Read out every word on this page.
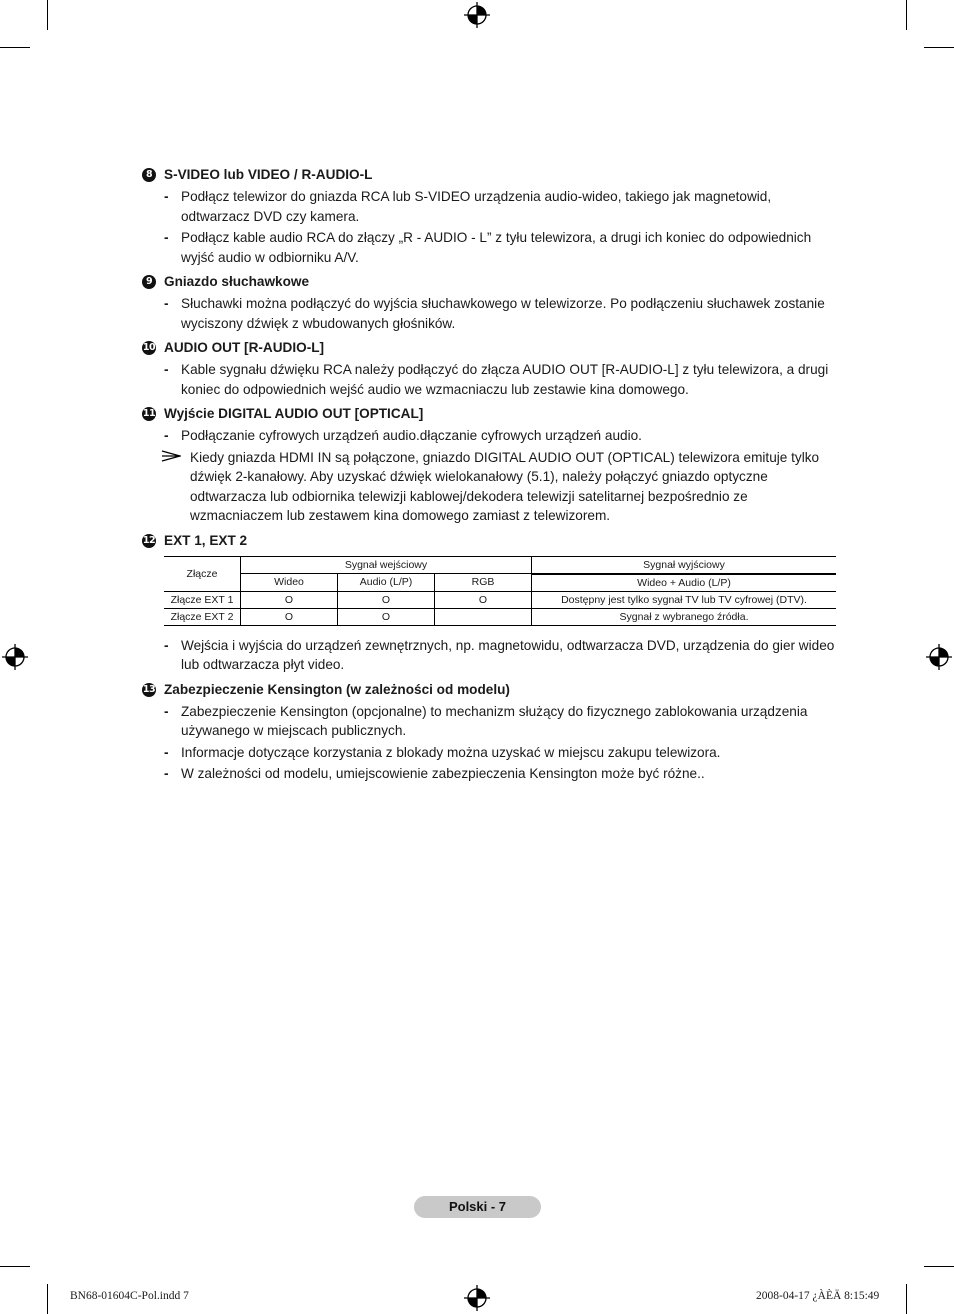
8 S-VIDEO lub VIDEO / R-AUDIO-L
- Podłącz telewizor do gniazda RCA lub S-VIDEO urządzenia audio-wideo, takiego jak magnetowid, odtwarzacz DVD czy kamera.
- Podłącz kable audio RCA do złączy „R - AUDIO - L” z tyłu telewizora, a drugi ich koniec do odpowiednich wyjść audio w odbiorniku A/V.
9 Gniazdo słuchawkowe
- Słuchawki można podłączyć do wyjścia słuchawkowego w telewizorze. Po podłączeniu słuchawek zostanie wyciszony dźwięk z wbudowanych głośników.
10 AUDIO OUT [R-AUDIO-L]
- Kable sygnału dźwięku RCA należy podłączyć do złącza AUDIO OUT [R-AUDIO-L] z tyłu telewizora, a drugi koniec do odpowiednich wejść audio we wzmacniaczu lub zestawie kina domowego.
11 Wyjście DIGITAL AUDIO OUT [OPTICAL]
- Podłączanie cyfrowych urządzeń audio.dłączanie cyfrowych urządzeń audio.
Kiedy gniazda HDMI IN są połączone, gniazdo DIGITAL AUDIO OUT (OPTICAL) telewizora emituje tylko dźwięk 2-kanałowy. Aby uzyskać dźwięk wielokanałowy (5.1), należy połączyć gniazdo optyczne odtwarzacza lub odbiornika telewizji kablowej/dekodera telewizji satelitarnej bezpośrednio ze wzmacniaczem lub zestawem kina domowego zamiast z telewizorem.
12 EXT 1, EXT 2
Złącze	Sygnał wejściowy			Sygnał wyjściowy
	Wideo	Audio (L/P)	RGB	Wideo + Audio (L/P)
Złącze EXT 1	O	O	O	Dostępny jest tylko sygnał TV lub TV cyfrowej (DTV).
Złącze EXT 2	O	O		Sygnał z wybranego źródła.
- Wejścia i wyjścia do urządzeń zewnętrznych, np. magnetowidu, odtwarzacza DVD, urządzenia do gier wideo lub odtwarzacza płyt video.
13 Zabezpieczenie Kensington (w zależności od modelu)
- Zabezpieczenie Kensington (opcjonalne) to mechanizm służący do fizycznego zablokowania urządzenia używanego w miejscach publicznych.
- Informacje dotyczące korzystania z blokady można uzyskać w miejscu zakupu telewizora.
- W zależności od modelu, umiejscowienie zabezpieczenia Kensington może być różne..
Polski - 7
BN68-01604C-Pol.indd 7	2008-04-17 ¿ÀÈÄ 8:15:49
